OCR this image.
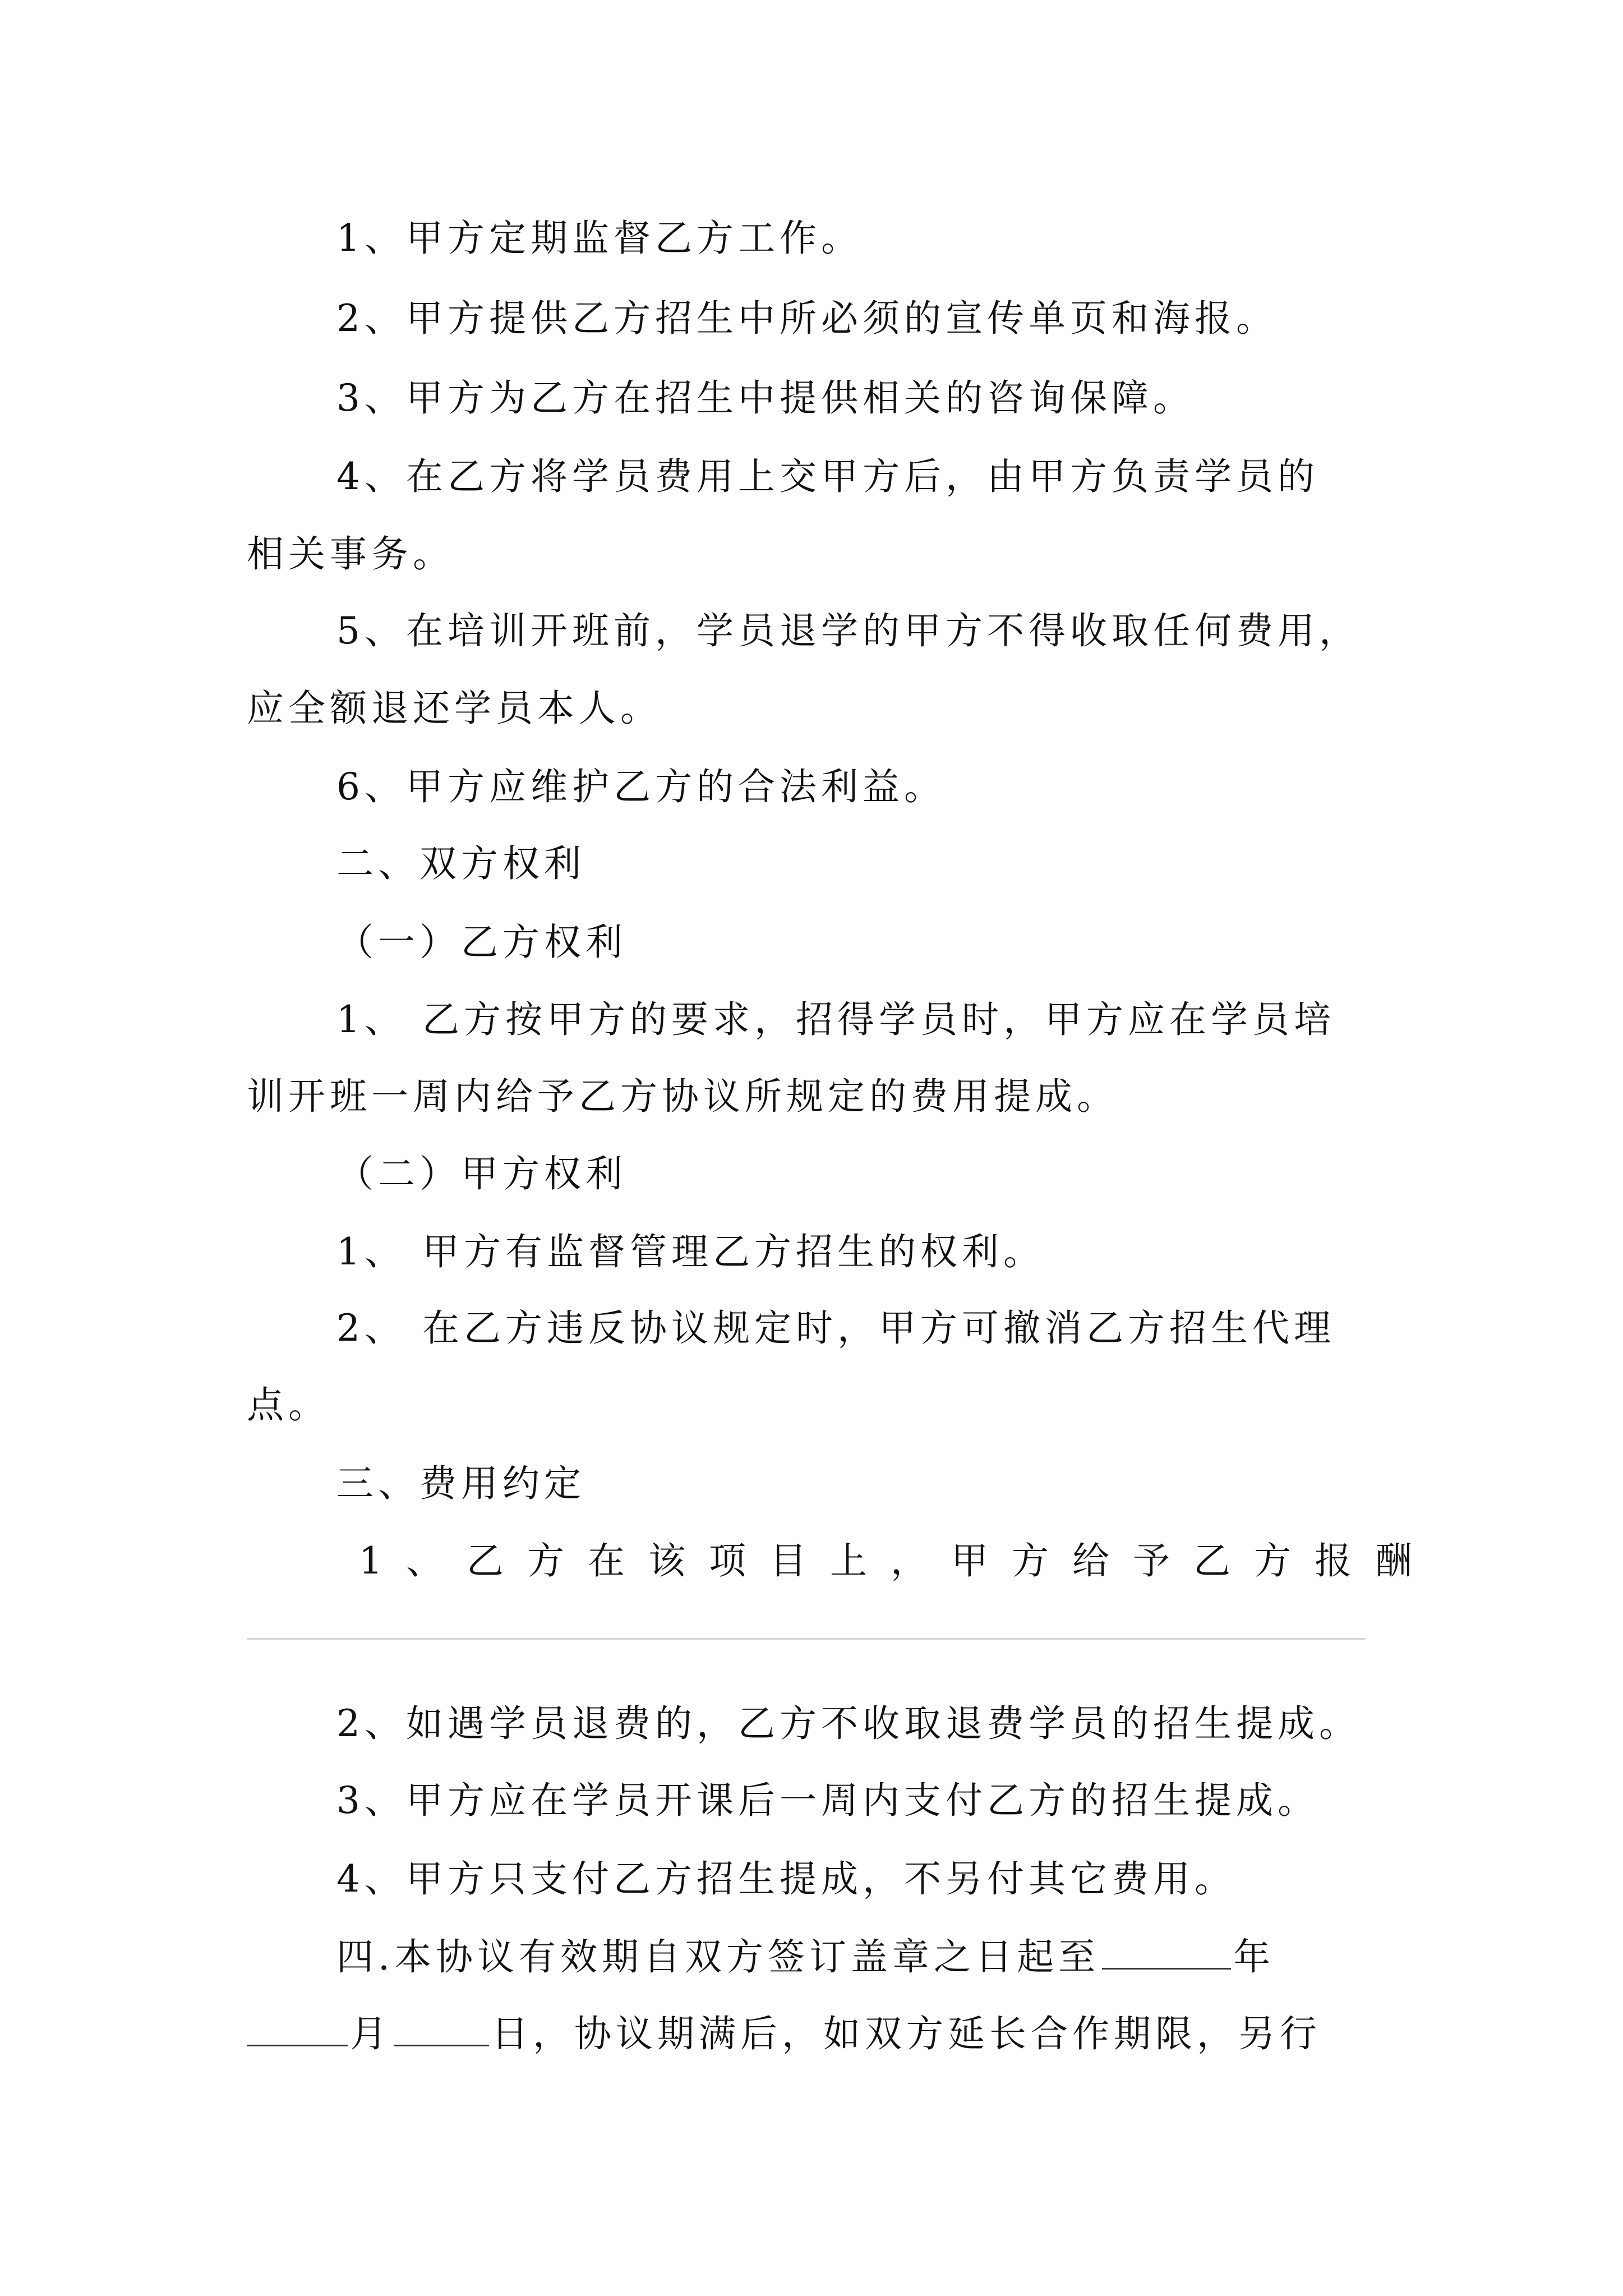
1、甲方定期监督乙方工作。
2、甲方提供乙方招生中所必须的宣传单页和海报。
3、甲方为乙方在招生中提供相关的咨询保障。
4、在乙方将学员费用上交甲方后，由甲方负责学员的
相关事务。
5、在培训开班前，学员退学的甲方不得收取任何费用，
应全额退还学员本人。
6、甲方应维护乙方的合法利益。
二、双方权利
（一）乙方权利
1、 乙方按甲方的要求，招得学员时，甲方应在学员培
训开班一周内给予乙方协议所规定的费用提成。
（二）甲方权利
1、 甲方有监督管理乙方招生的权利。
2、 在乙方违反协议规定时，甲方可撤消乙方招生代理
点。
三、费用约定
1、乙方在该项目上，甲方给予乙方报酬
2、如遇学员退费的，乙方不收取退费学员的招生提成。
3、甲方应在学员开课后一周内支付乙方的招生提成。
4、甲方只支付乙方招生提成，不另付其它费用。
四.本协议有效期自双方签订盖章之日起至	年
月	日，协议期满后，如双方延长合作期限，另行
